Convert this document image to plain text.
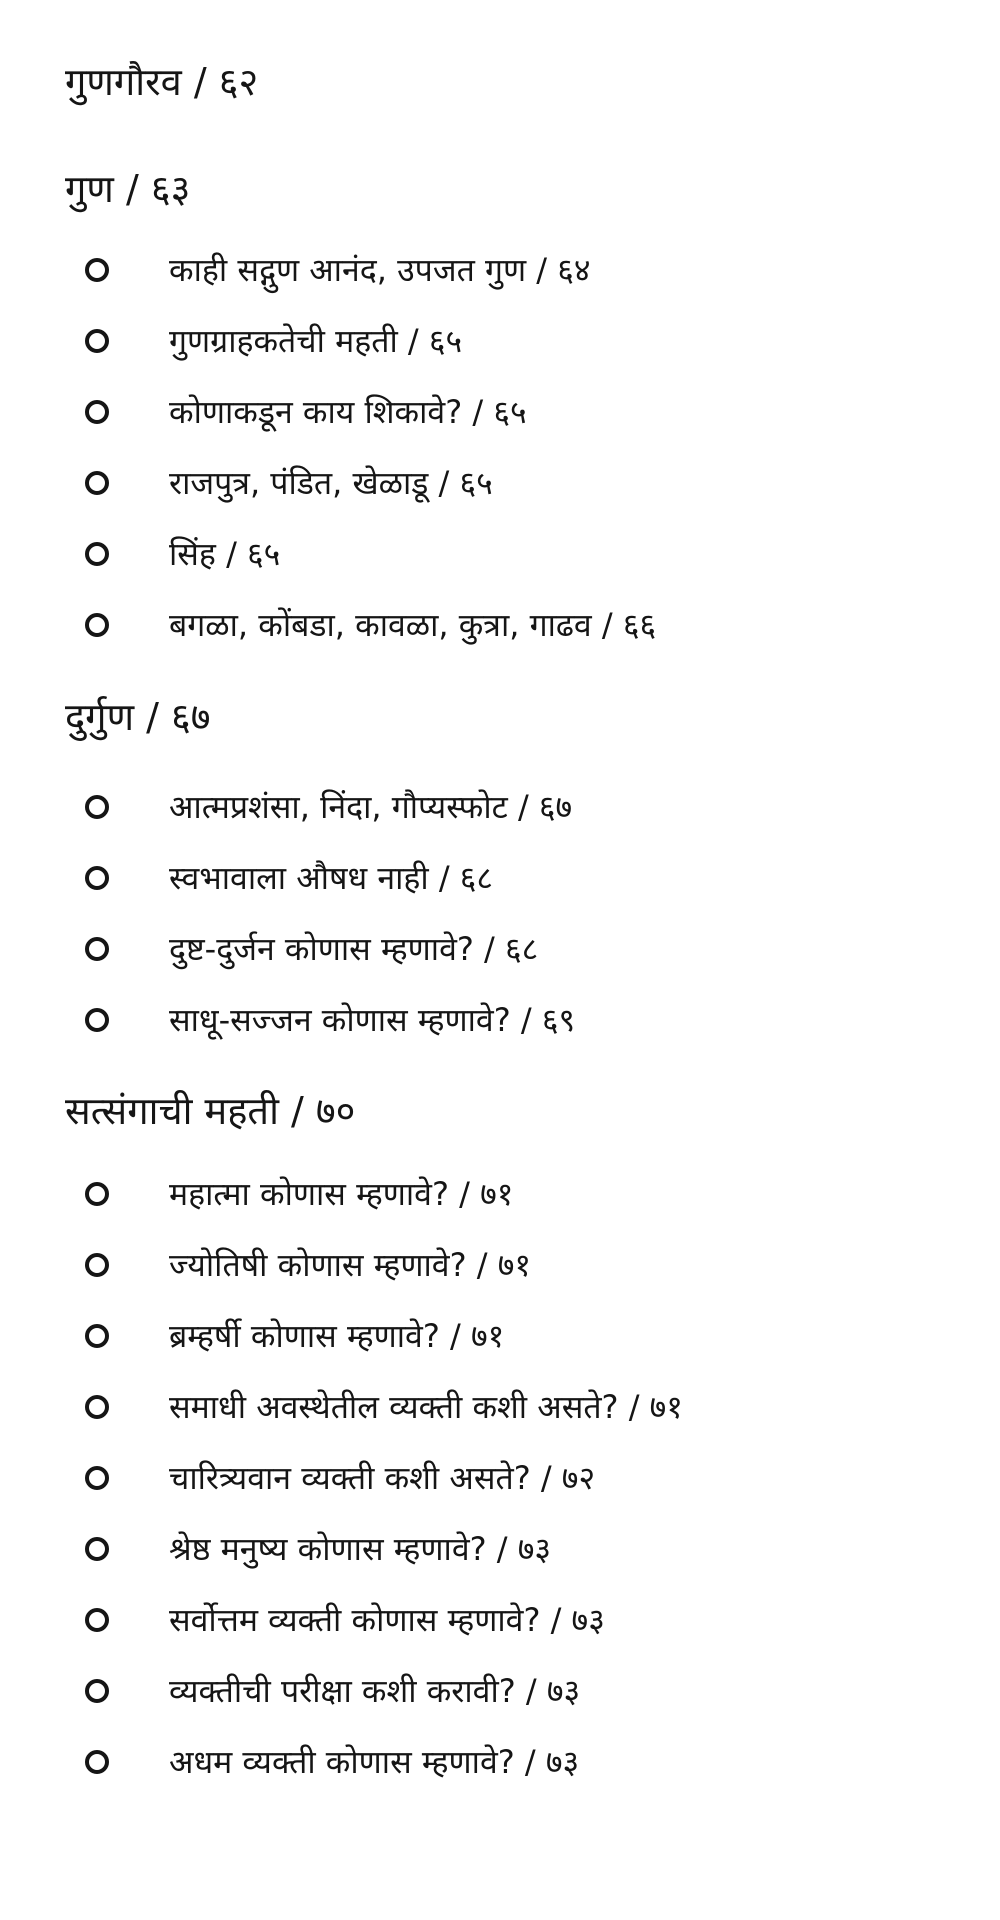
गुणगौरव / ६२
गुण / ६३
काही सद्गुण आनंद, उपजत गुण / ६४
गुणग्राहकतेची महती / ६५
कोणाकडून काय शिकावे? / ६५
राजपुत्र, पंडित, खेळाडू / ६५
सिंह / ६५
बगळा, कोंबडा, कावळा, कुत्रा, गाढव / ६६
दुर्गुण / ६७
आत्मप्रशंसा, निंदा, गौप्यस्फोट / ६७
स्वभावाला औषध नाही / ६८
दुष्ट-दुर्जन कोणास म्हणावे? / ६८
साधू-सज्जन कोणास म्हणावे? / ६९
सत्संगाची महती / ७०
महात्मा कोणास म्हणावे? / ७१
ज्योतिषी कोणास म्हणावे? / ७१
ब्रम्हर्षी कोणास म्हणावे? / ७१
समाधी अवस्थेतील व्यक्ती कशी असते? / ७१
चारित्र्यवान व्यक्ती कशी असते? / ७२
श्रेष्ठ मनुष्य कोणास म्हणावे? / ७३
सर्वोत्तम व्यक्ती कोणास म्हणावे? / ७३
व्यक्तीची परीक्षा कशी करावी? / ७३
अधम व्यक्ती कोणास म्हणावे? / ७३
